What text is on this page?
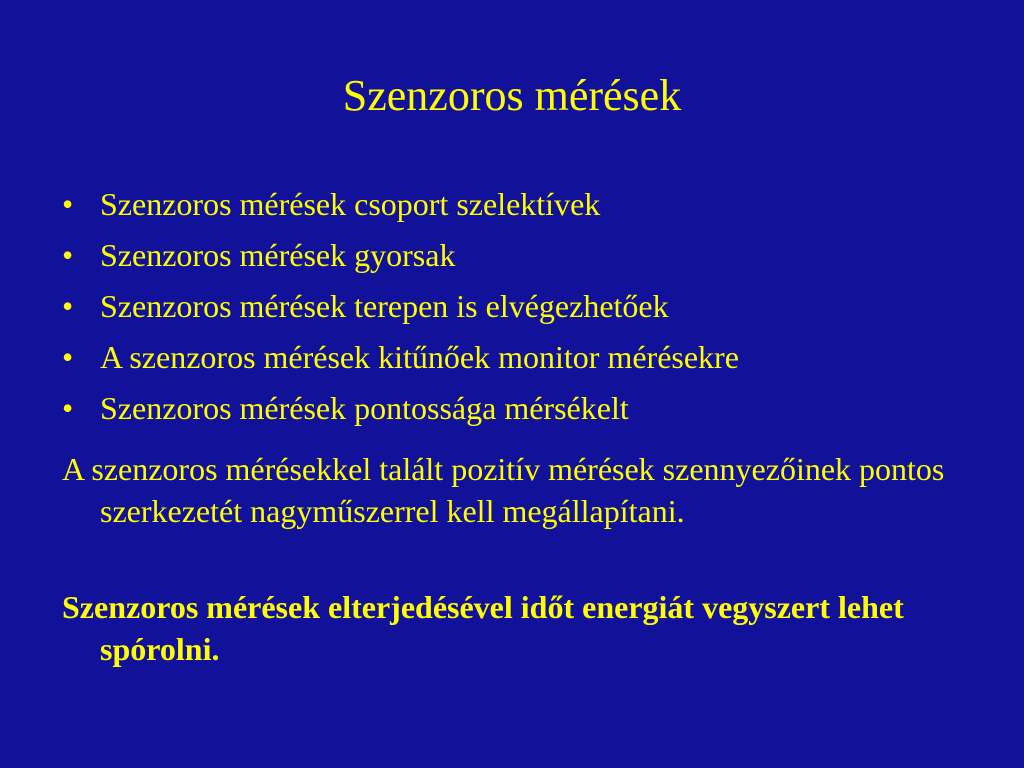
Szenzoros mérések
• Szenzoros mérések csoport szelektívek
• Szenzoros mérések gyorsak
• Szenzoros mérések terepen is elvégezhetőek
• A szenzoros mérések kitűnőek monitor mérésekre
• Szenzoros mérések pontossága mérsékelt

A szenzoros mérésekkel talált pozitív mérések szennyezőinek pontos szerkezetét nagyműszerrel kell megállapítani.

Szenzoros mérések elterjedésével időt energiát vegyszert lehet spórolni.
